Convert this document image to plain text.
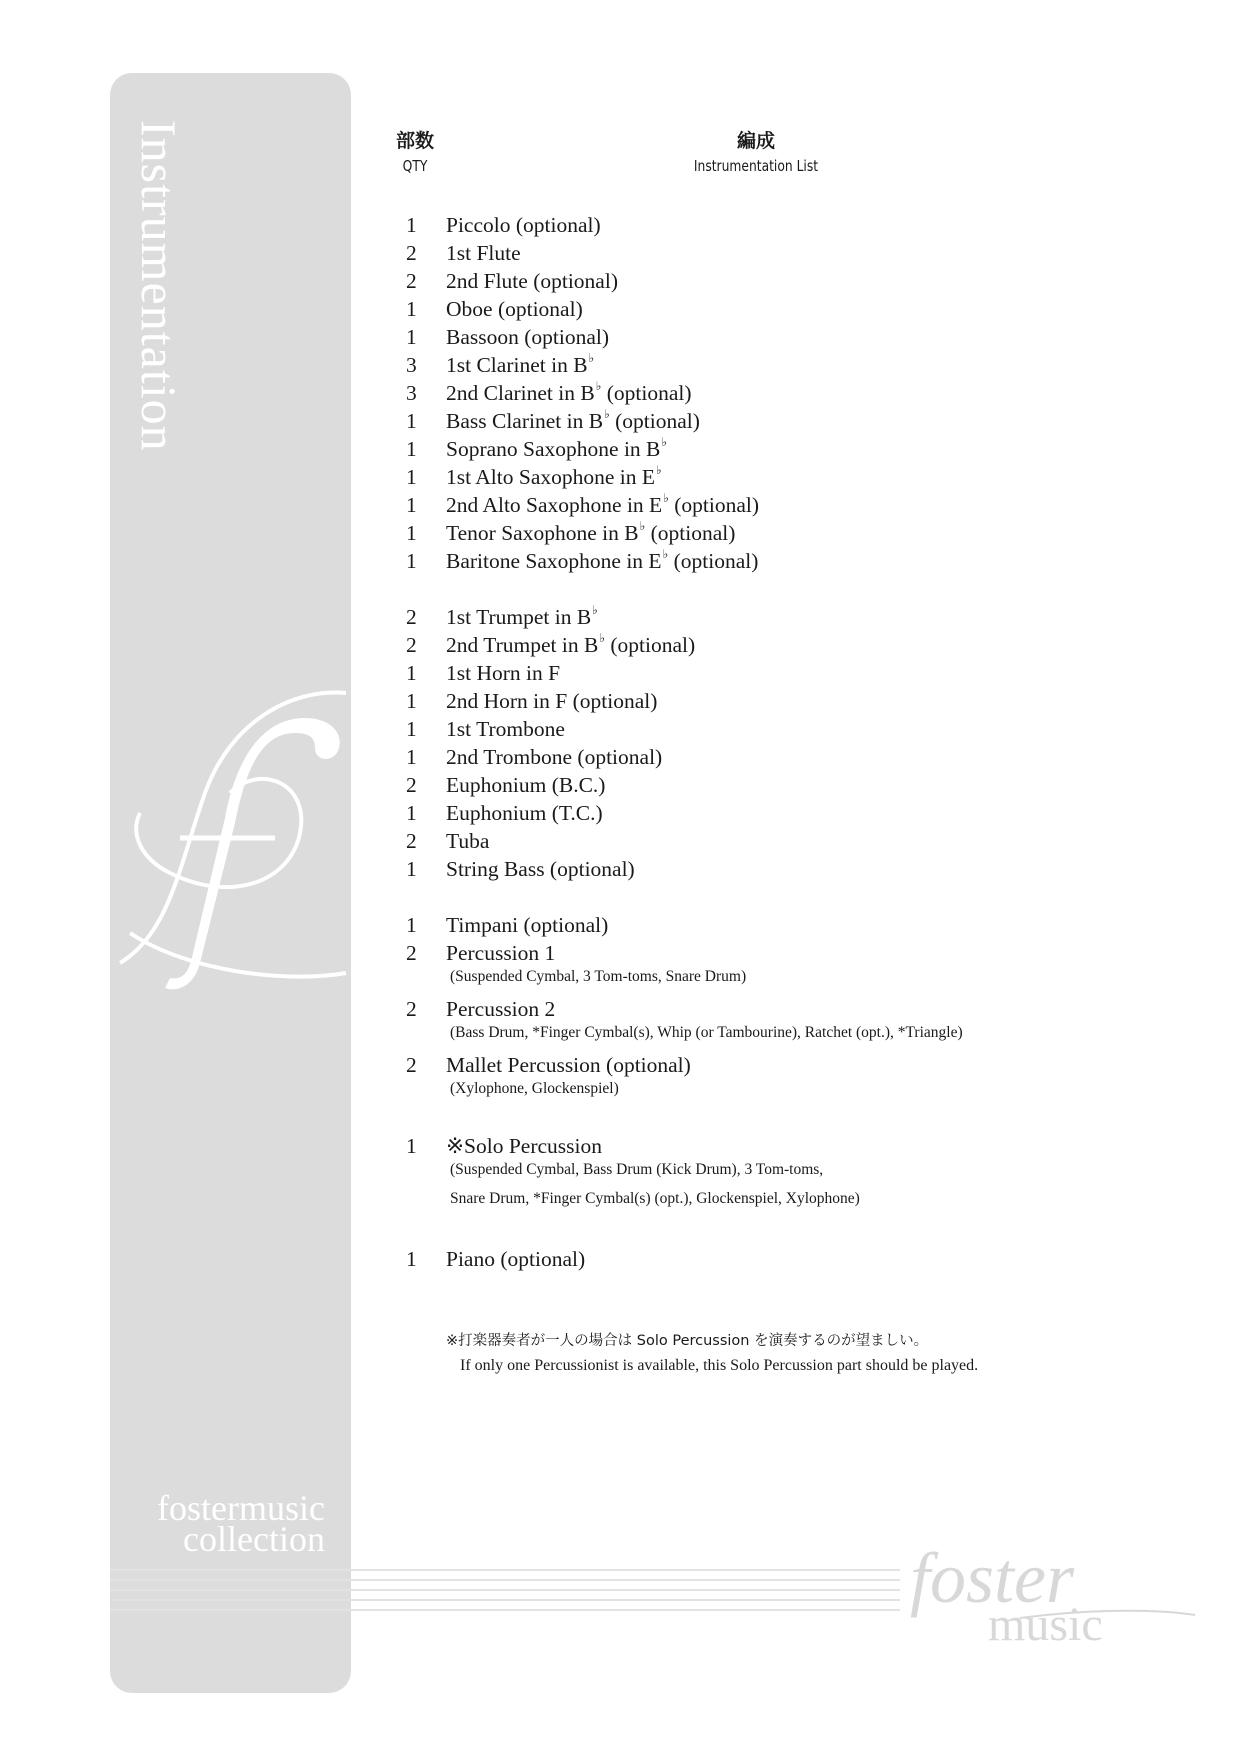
fostermusic
collection
Instrumentation	部数
QTY
編成
Instrumentation List
1	Piccolo (optional)
2	1st Flute
2	2nd Flute (optional)
1	Oboe (optional)
1	Bassoon (optional)
3	1st Clarinet in B♭
3	2nd Clarinet in B♭ (optional)
1	Bass Clarinet in B♭ (optional)
1	Soprano Saxophone in B♭
1	1st Alto Saxophone in E♭
1	2nd Alto Saxophone in E♭ (optional)
1	Tenor Saxophone in B♭ (optional)
1	Baritone Saxophone in E♭ (optional)
2	1st Trumpet in B♭
2	2nd Trumpet in B♭ (optional)
1	1st Horn in F
1	2nd Horn in F (optional)
1	1st Trombone
1	2nd Trombone (optional)
2	Euphonium (B.C.)
1	Euphonium (T.C.)
2	Tuba
1	String Bass (optional)
1	Timpani (optional)
2	Percussion 1
(Suspended Cymbal, 3 Tom-toms, Snare Drum)
2	Percussion 2
(Bass Drum, *Finger Cymbal(s), Whip (or Tambourine), Ratchet (opt.), *Triangle)
2	Mallet Percussion (optional)
(Xylophone, Glockenspiel)
1	※Solo Percussion
(Suspended Cymbal, Bass Drum (Kick Drum), 3 Tom-toms,
Snare Drum, *Finger Cymbal(s) (opt.), Glockenspiel, Xylophone)
1	Piano (optional)
※打楽器奏者が一人の場合は Solo Percussion を演奏するのが望ましい。
If only one Percussionist is available, this Solo Percussion part should be played.
foster
music
